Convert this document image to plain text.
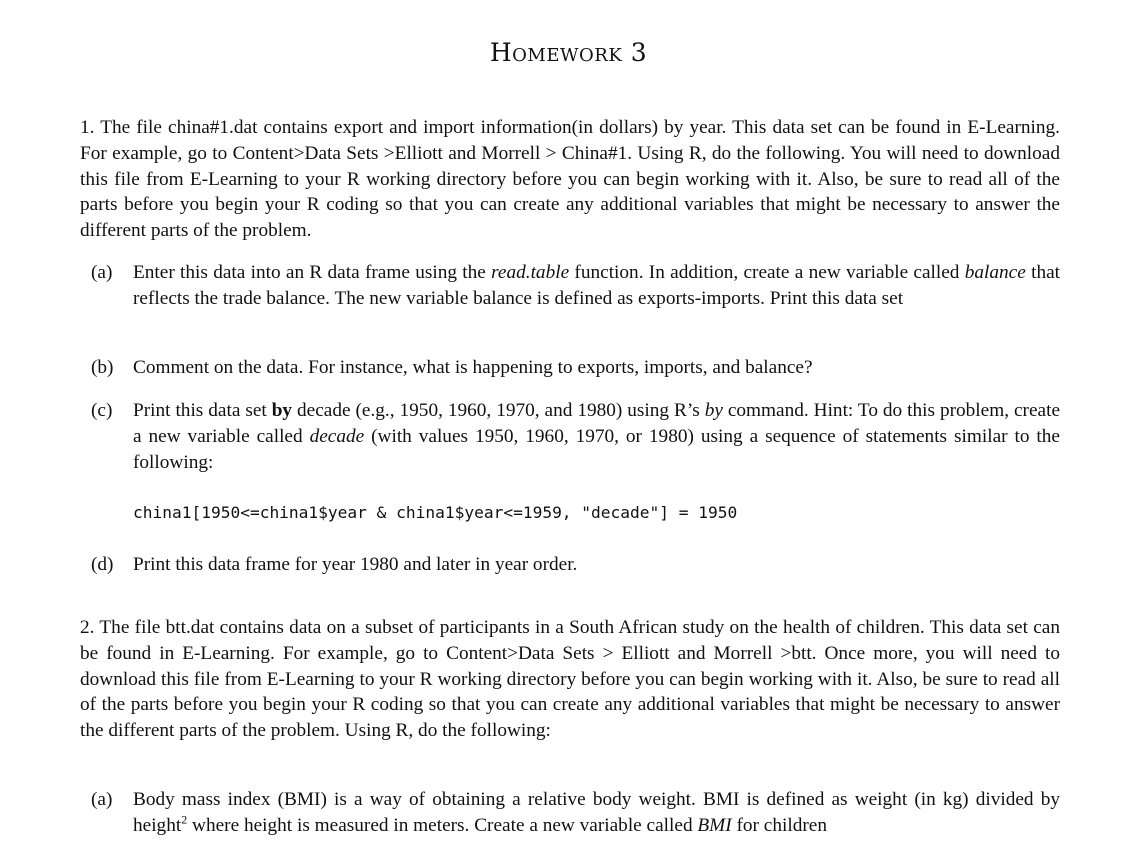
Homework 3
1. The file china#1.dat contains export and import information(in dollars) by year. This data set can be found in E-Learning. For example, go to Content>Data Sets >Elliott and Morrell > China#1. Using R, do the following. You will need to download this file from E-Learning to your R working directory before you can begin working with it. Also, be sure to read all of the parts before you begin your R coding so that you can create any additional variables that might be necessary to answer the different parts of the problem.
(a) Enter this data into an R data frame using the read.table function. In addition, create a new variable called balance that reflects the trade balance. The new variable balance is defined as exports-imports. Print this data set
(b) Comment on the data. For instance, what is happening to exports, imports, and balance?
(c) Print this data set by decade (e.g., 1950, 1960, 1970, and 1980) using R’s by command. Hint: To do this problem, create a new variable called decade (with values 1950, 1960, 1970, or 1980) using a sequence of statements similar to the following:
china1[1950<=china1$year & china1$year<=1959, "decade"] = 1950
(d) Print this data frame for year 1980 and later in year order.
2. The file btt.dat contains data on a subset of participants in a South African study on the health of children. This data set can be found in E-Learning. For example, go to Content>Data Sets > Elliott and Morrell >btt. Once more, you will need to download this file from E-Learning to your R working directory before you can begin working with it. Also, be sure to read all of the parts before you begin your R coding so that you can create any additional variables that might be necessary to answer the different parts of the problem. Using R, do the following:
(a) Body mass index (BMI) is a way of obtaining a relative body weight. BMI is defined as weight (in kg) divided by height$^2$ where height is measured in meters. Create a new variable called BMI for children
